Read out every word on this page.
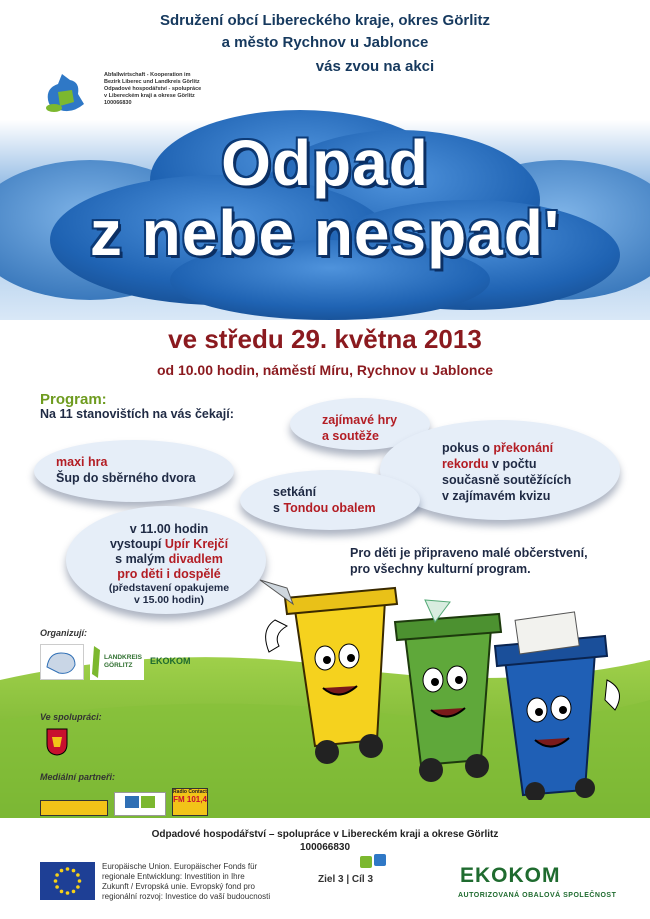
Sdružení obcí Libereckého kraje, okres Görlitz
a město Rychnov u Jablonce
vás zvou na akci
Abfallwirtschaft - Kooperation im
Bezirk Liberec und Landkreis Görlitz
Odpadové hospodářství - spolupráce
v Libereckém kraji a okrese Görlitz
100066830
Odpad
z nebe nespad'
ve středu 29. května 2013
od 10.00 hodin, náměstí Míru, Rychnov u Jablonce
Program:
Na 11 stanovištích na vás čekají:	zajímavé hry
a soutěže
maxi hra
Šup do sběrného dvora
pokus o překonání
rekordu v počtu
současně soutěžících
v zajímavém kvizu
setkání
s Tondou obalem
v 11.00 hodin
vystoupí Upír Krejčí
s malým divadlem
pro děti i dospělé
(představení opakujeme
v 15.00 hodin)
Pro děti je připraveno malé občerstvení,
pro všechny kulturní program.
Organizují:
LANDKREIS GÖRLITZ	EKOKOM
Ve spolupráci:
Mediální partneři:
Radio Contact
FM 101,4
Odpadové hospodářství – spolupráce v Libereckém kraji a okrese Görlitz
100066830
Europäische Union. Europäischer Fonds für
regionale Entwicklung: Investition in Ihre
Zukunft / Evropská unie. Evropský fond pro
regionální rozvoj: Investice do vaší budoucnosti
Ziel 3 | Cíl 3	EKOKOM
AUTORIZOVANÁ OBALOVÁ SPOLEČNOST
